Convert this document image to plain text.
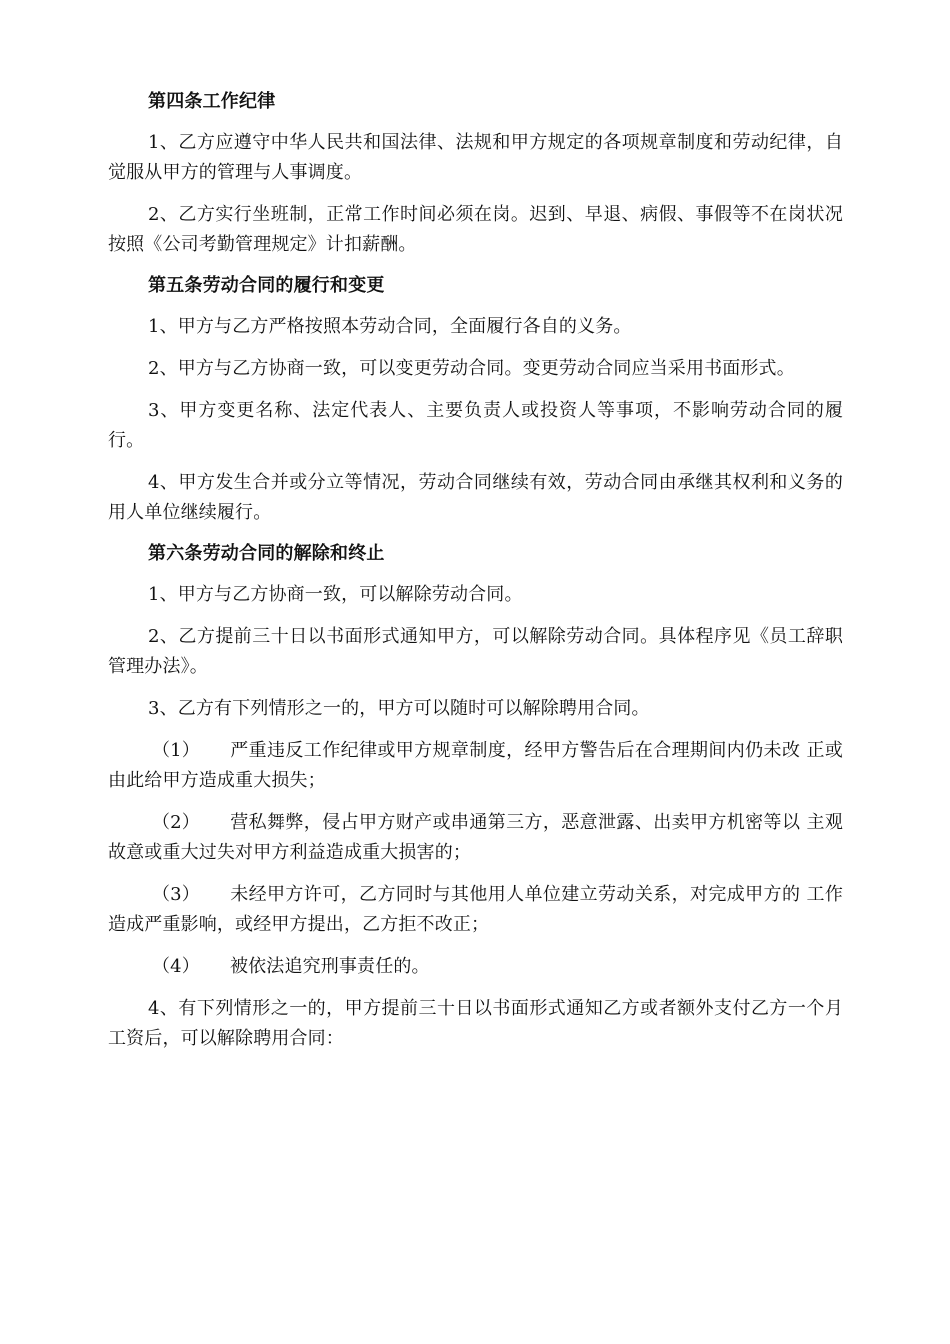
第四条工作纪律

1、乙方应遵守中华人民共和国法律、法规和甲方规定的各项规章制度和劳动纪律，自觉服从甲方的管理与人事调度。

2、乙方实行坐班制，正常工作时间必须在岗。迟到、早退、病假、事假等不在岗状况按照《公司考勤管理规定》计扣薪酬。

第五条劳动合同的履行和变更

1、甲方与乙方严格按照本劳动合同，全面履行各自的义务。

2、甲方与乙方协商一致，可以变更劳动合同。变更劳动合同应当采用书面形式。

3、甲方变更名称、法定代表人、主要负责人或投资人等事项，不影响劳动合同的履行。

4、甲方发生合并或分立等情况，劳动合同继续有效，劳动合同由承继其权利和义务的用人单位继续履行。

第六条劳动合同的解除和终止

1、甲方与乙方协商一致，可以解除劳动合同。

2、乙方提前三十日以书面形式通知甲方，可以解除劳动合同。具体程序见《员工辞职管理办法》。

3、乙方有下列情形之一的，甲方可以随时可以解除聘用合同。

（1） 严重违反工作纪律或甲方规章制度，经甲方警告后在合理期间内仍未改 正或由此给甲方造成重大损失；

（2） 营私舞弊，侵占甲方财产或串通第三方，恶意泄露、出卖甲方机密等以 主观故意或重大过失对甲方利益造成重大损害的；

（3） 未经甲方许可，乙方同时与其他用人单位建立劳动关系，对完成甲方的 工作造成严重影响，或经甲方提出，乙方拒不改正；

（4） 被依法追究刑事责任的。

4、有下列情形之一的，甲方提前三十日以书面形式通知乙方或者额外支付乙方一个月工资后，可以解除聘用合同：
